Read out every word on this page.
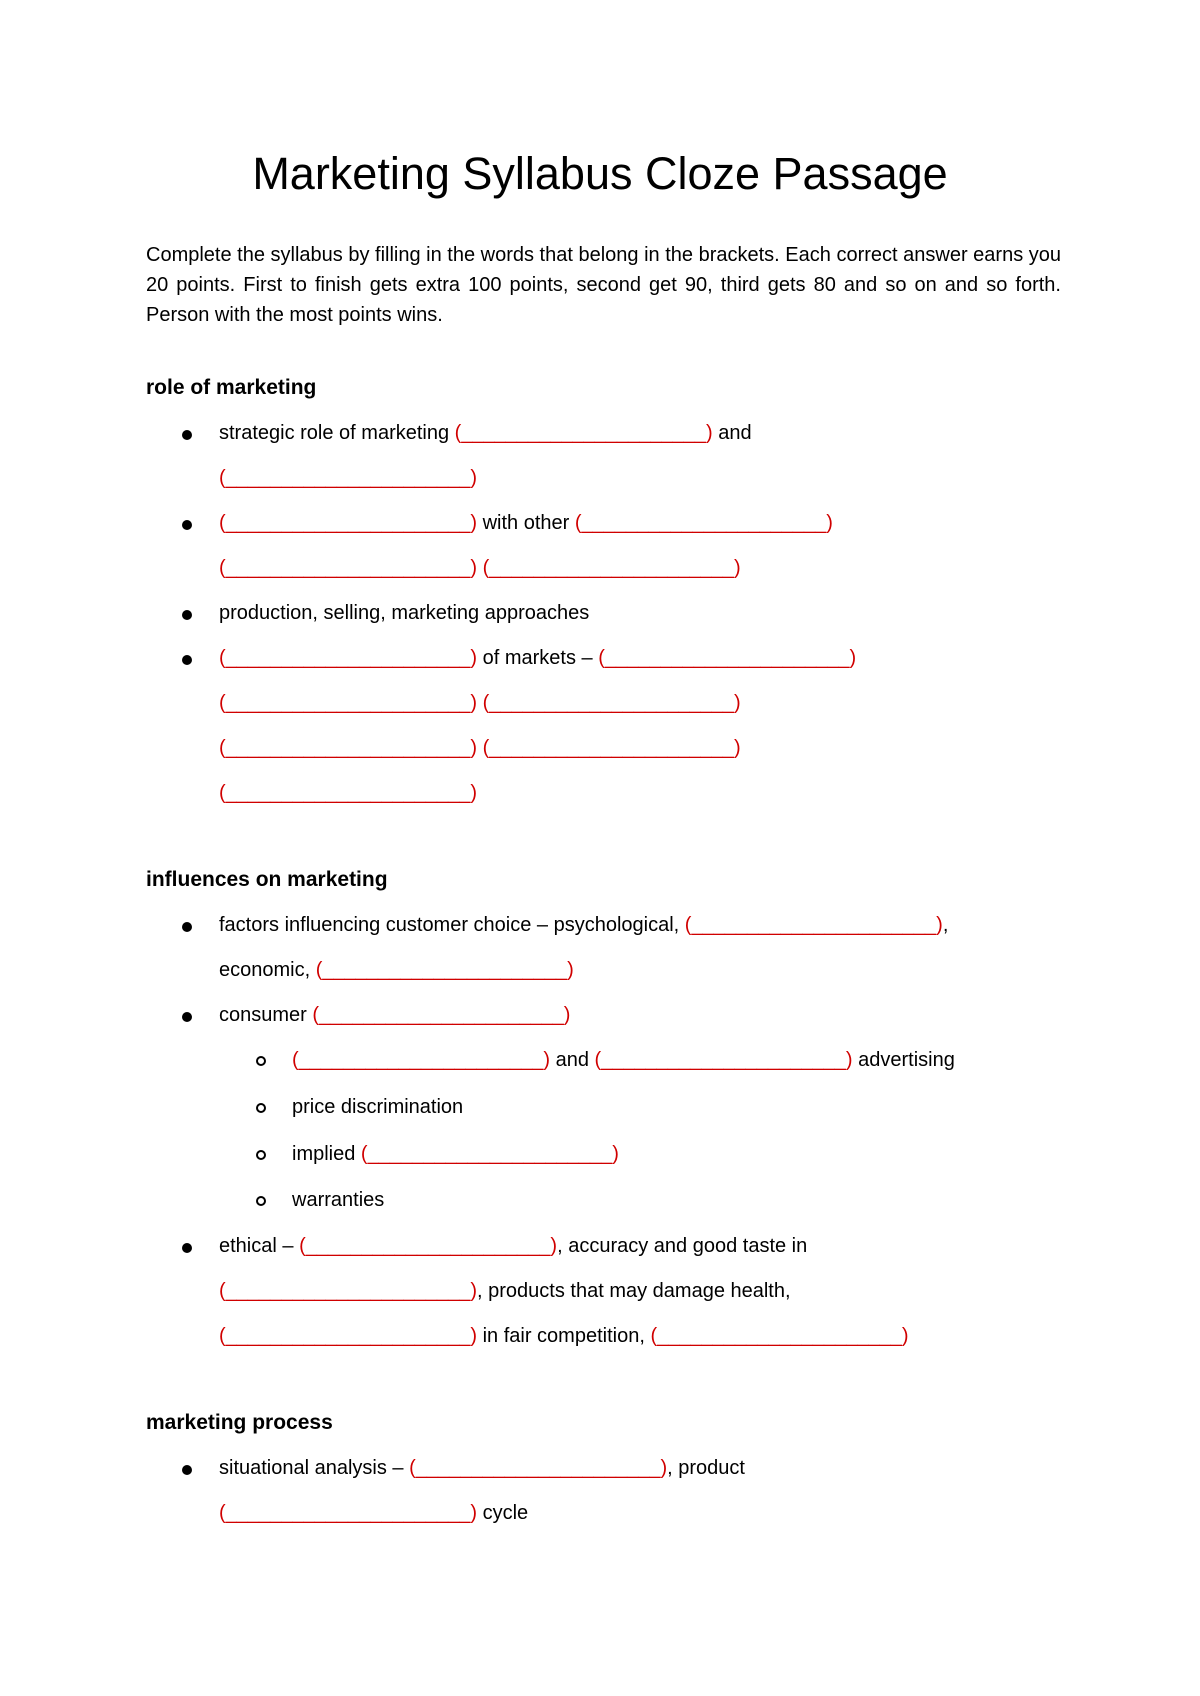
Marketing Syllabus Cloze Passage

Complete the syllabus by filling in the words that belong in the brackets. Each correct answer earns you 20 points. First to finish gets extra 100 points, second get 90, third gets 80 and so on and so forth. Person with the most points wins.

role of marketing
strategic role of marketing (______________________) and
(______________________)
(______________________) with other (______________________)
(______________________) (______________________)
production, selling, marketing approaches
(______________________) of markets – (______________________)
(______________________) (______________________)
(______________________) (______________________)
(______________________)
influences on marketing
factors influencing customer choice – psychological, (______________________),
economic, (______________________)
consumer (______________________)
(______________________) and (______________________) advertising
price discrimination
implied (______________________)
warranties
ethical – (______________________), accuracy and good taste in
(______________________), products that may damage health,
(______________________) in fair competition, (______________________)
marketing process
situational analysis – (______________________), product
(______________________) cycle
